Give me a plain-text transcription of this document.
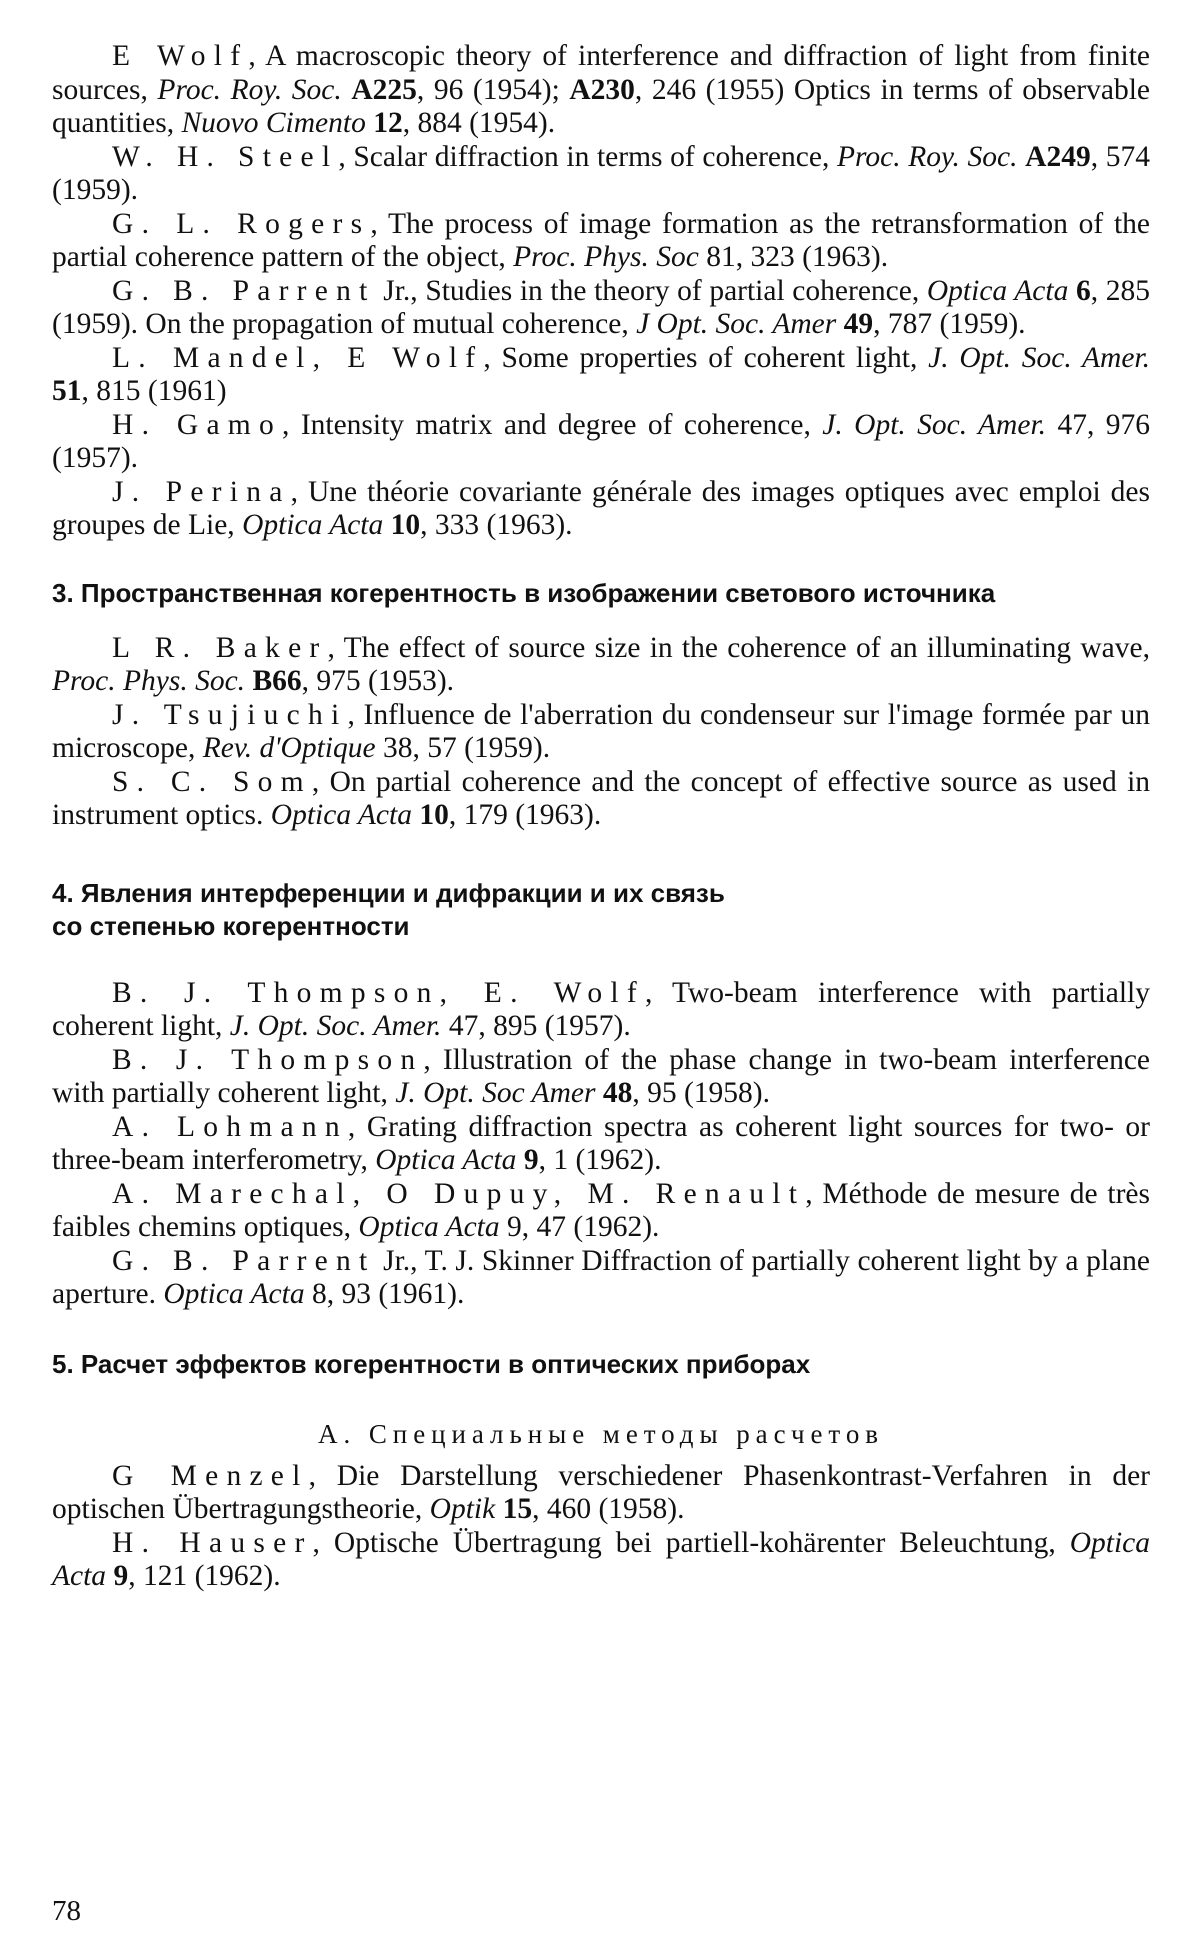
E Wolf, A macroscopic theory of interference and diffraction of light from finite sources, Proc. Roy. Soc. A225, 96 (1954); A230, 246 (1955) Optics in terms of observable quantities, Nuovo Cimento 12, 884 (1954).

W. H. Steel, Scalar diffraction in terms of coherence, Proc. Roy. Soc. A249, 574 (1959).

G. L. Rogers, The process of image formation as the retransformation of the partial coherence pattern of the object, Proc. Phys. Soc 81, 323 (1963).

G. B. Parrent Jr., Studies in the theory of partial coherence, Optica Acta 6, 285 (1959). On the propagation of mutual coherence, J Opt. Soc. Amer 49, 787 (1959).

L. Mandel, E Wolf, Some properties of coherent light, J. Opt. Soc. Amer. 51, 815 (1961)

H. Gamo, Intensity matrix and degree of coherence, J. Opt. Soc. Amer. 47, 976 (1957).

J. Perina, Une théorie covariante générale des images optiques avec emploi des groupes de Lie, Optica Acta 10, 333 (1963).

3. Пространственная когерентность в изображении светового источника

L R. Baker, The effect of source size in the coherence of an illuminating wave, Proc. Phys. Soc. B66, 975 (1953).

J. Tsujiuchi, Influence de l'aberration du condenseur sur l'image formée par un microscope, Rev. d'Optique 38, 57 (1959).

S. C. Som, On partial coherence and the concept of effective source as used in instrument optics. Optica Acta 10, 179 (1963).

4. Явления интерференции и дифракции и их связь

со степенью когерентности

B. J. Thompson, E. Wolf, Two-beam interference with partially coherent light, J. Opt. Soc. Amer. 47, 895 (1957).

B. J. Thompson, Illustration of the phase change in two-beam interference with partially coherent light, J. Opt. Soc Amer 48, 95 (1958).

A. Lohmann, Grating diffraction spectra as coherent light sources for two- or three-beam interferometry, Optica Acta 9, 1 (1962).

A. Marechal, O Dupuy, M. Renault, Méthode de mesure de très faibles chemins optiques, Optica Acta 9, 47 (1962).

G. B. Parrent Jr., T. J. Skinner Diffraction of partially coherent light by a plane aperture. Optica Acta 8, 93 (1961).

5. Расчет эффектов когерентности в оптических приборах

А. Специальные методы расчетов

G Menzel, Die Darstellung verschiedener Phasenkontrast-Verfahren in der optischen Übertragungstheorie, Optik 15, 460 (1958).

H. Hauser, Optische Übertragung bei partiell-kohärenter Beleuchtung, Optica Acta 9, 121 (1962).

78
